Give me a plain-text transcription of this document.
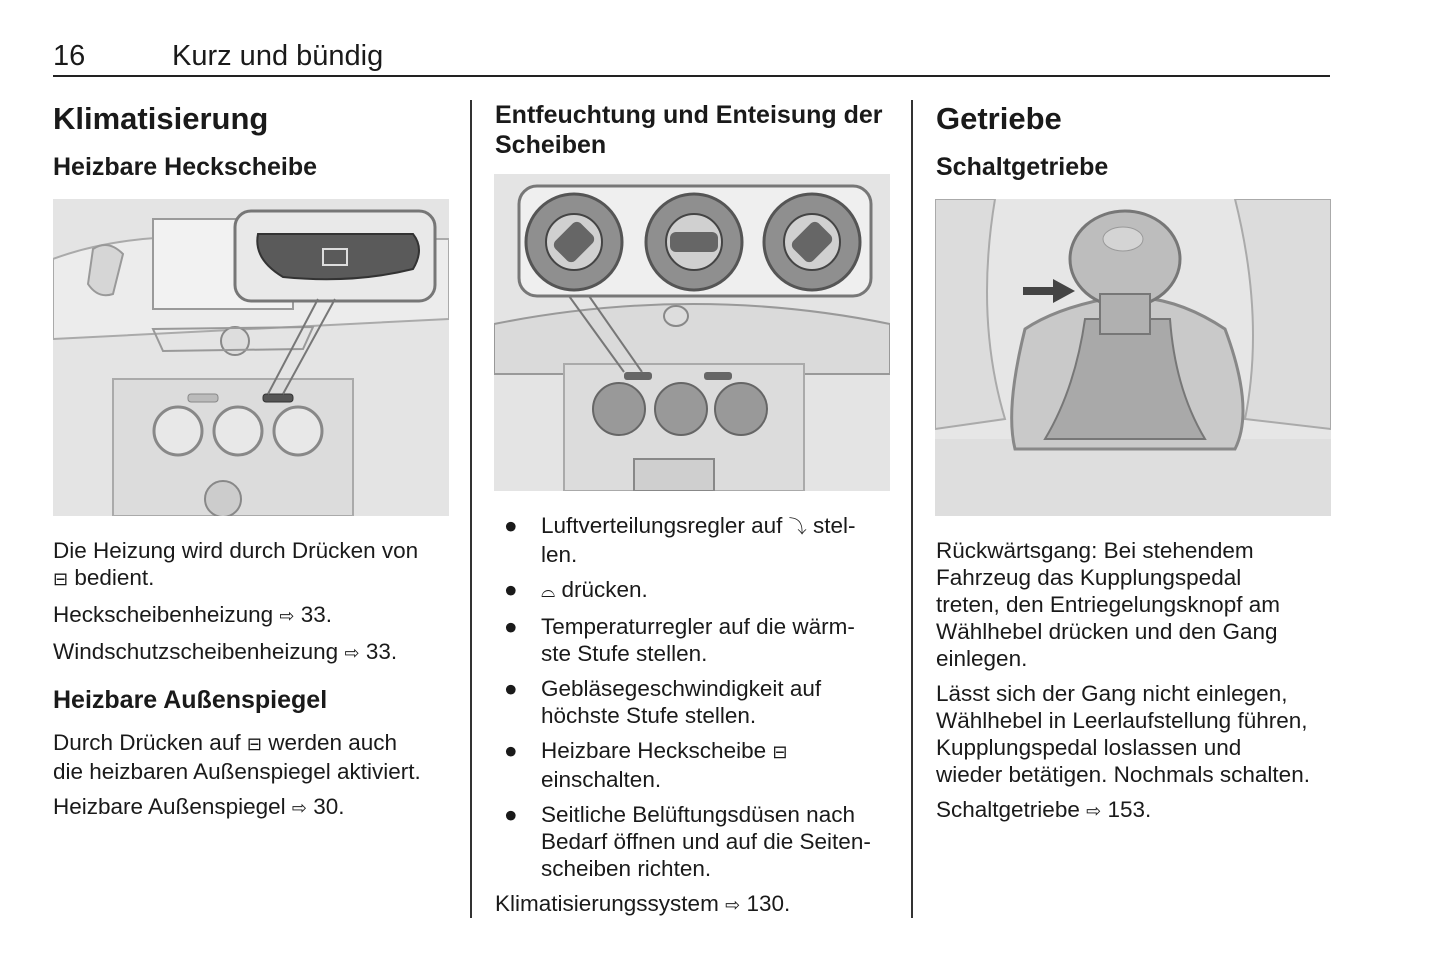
16	Kurz und bündig
Klimatisierung
Heizbare Heckscheibe

Die Heizung wird durch Drücken von
⊟ bedient.

Heckscheibenheizung ⇨ 33.

Windschutzscheibenheizung ⇨ 33.

Heizbare Außenspiegel

Durch Drücken auf ⊟ werden auch
die heizbaren Außenspiegel aktiviert.

Heizbare Außenspiegel ⇨ 30.

Entfeuchtung und Enteisung der
Scheiben
● Luftverteilungsregler auf ⤵ stel-
len.
● ⌓ drücken.
● Temperaturregler auf die wärm-
ste Stufe stellen.
● Gebläsegeschwindigkeit auf
höchste Stufe stellen.
● Heizbare Heckscheibe ⊟
einschalten.
● Seitliche Belüftungsdüsen nach
Bedarf öffnen und auf die Seiten-
scheiben richten.

Klimatisierungssystem ⇨ 130.

Getriebe
Schaltgetriebe

Rückwärtsgang: Bei stehendem
Fahrzeug das Kupplungspedal
treten, den Entriegelungsknopf am
Wählhebel drücken und den Gang
einlegen.

Lässt sich der Gang nicht einlegen,
Wählhebel in Leerlaufstellung führen,
Kupplungspedal loslassen und
wieder betätigen. Nochmals schalten.

Schaltgetriebe ⇨ 153.
